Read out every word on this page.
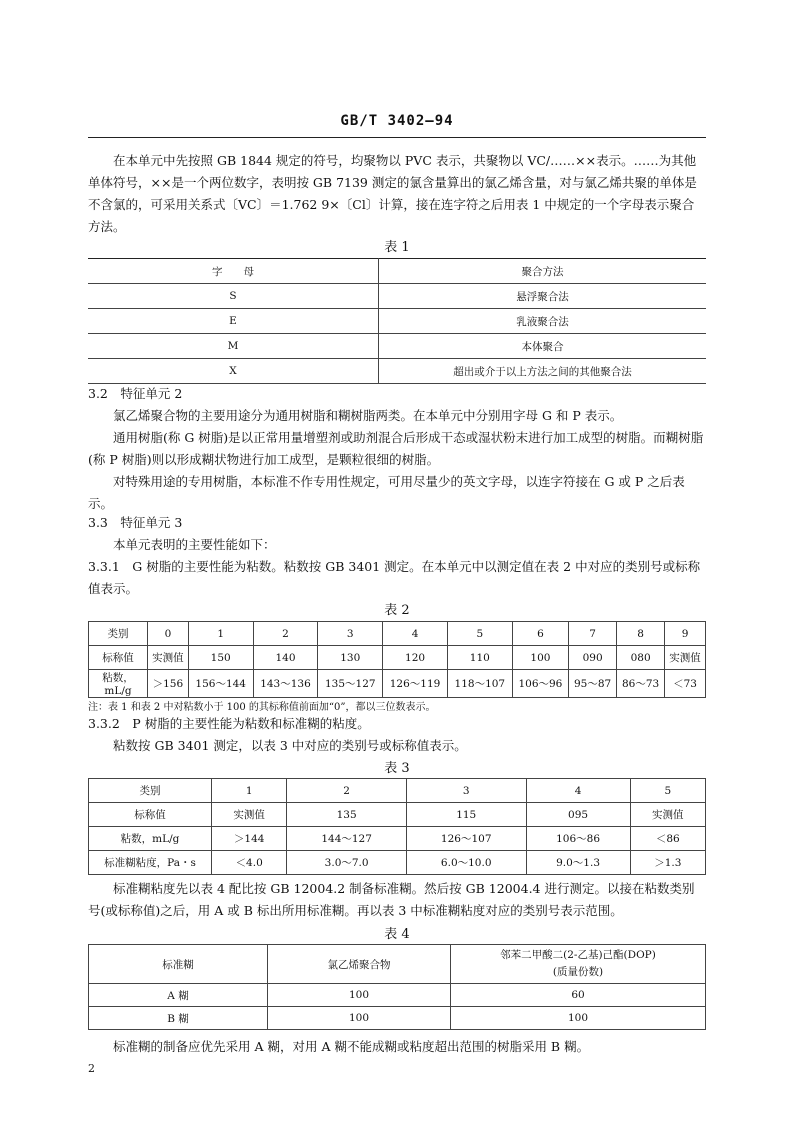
GB/T 3402—94

在本单元中先按照 GB 1844 规定的符号，均聚物以 PVC 表示，共聚物以 VC/……××表示。……为其他单体符号，××是一个两位数字，表明按 GB 7139 测定的氯含量算出的氯乙烯含量，对与氯乙烯共聚的单体是不含氯的，可采用关系式〔VC〕＝1.762 9×〔Cl〕计算，接在连字符之后用表 1 中规定的一个字母表示聚合方法。

表 1
字　　母	聚合方法
S	悬浮聚合法
E	乳液聚合法
M	本体聚合
X	超出或介于以上方法之间的其他聚合法
3.2　特征单元 2

氯乙烯聚合物的主要用途分为通用树脂和糊树脂两类。在本单元中分别用字母 G 和 P 表示。

通用树脂(称 G 树脂)是以正常用量增塑剂或助剂混合后形成干态或湿状粉末进行加工成型的树脂。而糊树脂(称 P 树脂)则以形成糊状物进行加工成型，是颗粒很细的树脂。

对特殊用途的专用树脂，本标准不作专用性规定，可用尽量少的英文字母，以连字符接在 G 或 P 之后表示。

3.3　特征单元 3

本单元表明的主要性能如下：

3.3.1　G 树脂的主要性能为粘数。粘数按 GB 3401 测定。在本单元中以测定值在表 2 中对应的类别号或标称值表示。

表 2
类别	0	1	2	3	4	5	6	7	8	9
标称值	实测值	150	140	130	120	110	100	090	080	实测值
粘数，mL/g	＞156	156～144	143～136	135～127	126～119	118～107	106～96	95～87	86～73	＜73
注：表 1 和表 2 中对粘数小于 100 的其标称值前面加“0”，都以三位数表示。
3.3.2　P 树脂的主要性能为粘数和标准糊的粘度。

粘数按 GB 3401 测定，以表 3 中对应的类别号或标称值表示。

表 3
类别	1	2	3	4	5
标称值	实测值	135	115	095	实测值
粘数，mL/g	＞144	144～127	126～107	106～86	＜86
标准糊粘度，Pa・s	＜4.0	3.0～7.0	6.0～10.0	9.0～1.3	＞1.3

标准糊粘度先以表 4 配比按 GB 12004.2 制备标准糊。然后按 GB 12004.4 进行测定。以接在粘数类别号(或标称值)之后，用 A 或 B 标出所用标准糊。再以表 3 中标准糊粘度对应的类别号表示范围。

表 4
标准糊	氯乙烯聚合物	邻苯二甲酸二(2-乙基)己酯(DOP)
(质量份数)

A 糊	100	60
B 糊	100	100

标准糊的制备应优先采用 A 糊，对用 A 糊不能成糊或粘度超出范围的树脂采用 B 糊。

2
